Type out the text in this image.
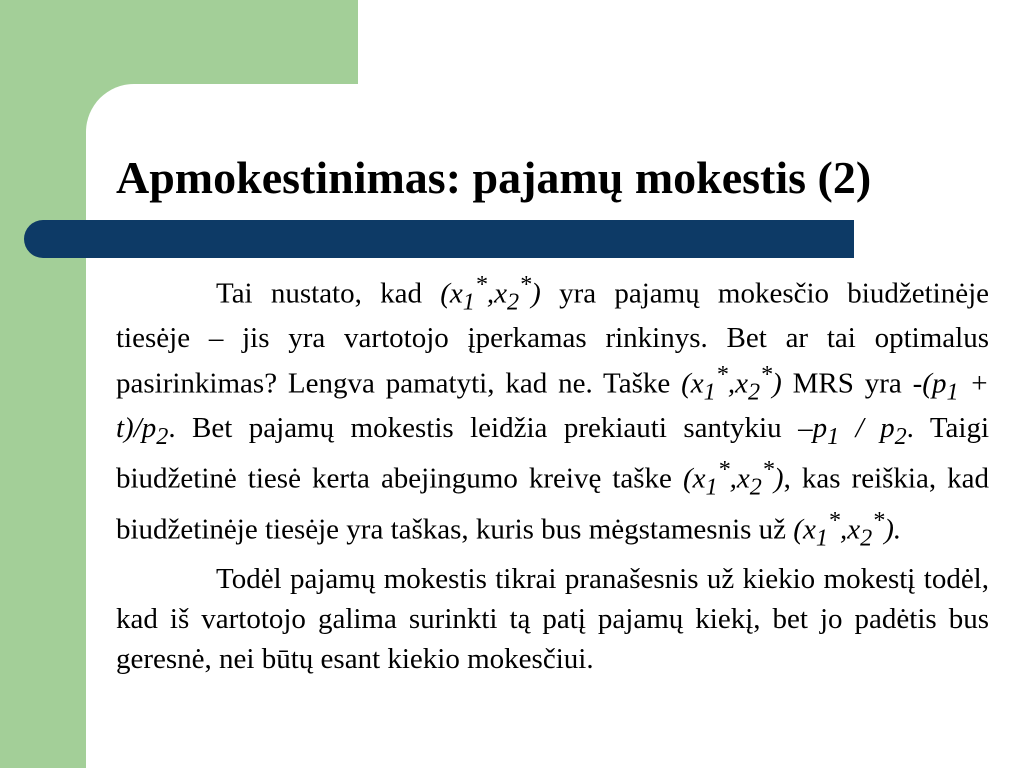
Apmokestinimas: pajamų mokestis (2)

Tai nustato, kad $(x_1^*,x_2^*)$ yra pajamų mokesčio biudžetinėje tiesėje – jis yra vartotojo įperkamas rinkinys. Bet ar tai optimalus pasirinkimas? Lengva pamatyti, kad ne. Taške $(x_1^*,x_2^*)$ MRS yra $-(p_1 + t)/p_2$. Bet pajamų mokestis leidžia prekiauti santykiu $-p_1 / p_2$. Taigi biudžetinė tiesė kerta abejingumo kreivę taške $(x_1^*,x_2^*)$, kas reiškia, kad biudžetinėje tiesėje yra taškas, kuris bus mėgstamesnis už $(x_1^*,x_2^*)$.

Todėl pajamų mokestis tikrai pranašesnis už kiekio mokestį todėl, kad iš vartotojo galima surinkti tą patį pajamų kiekį, bet jo padėtis bus geresnė, nei būtų esant kiekio mokesčiui.
